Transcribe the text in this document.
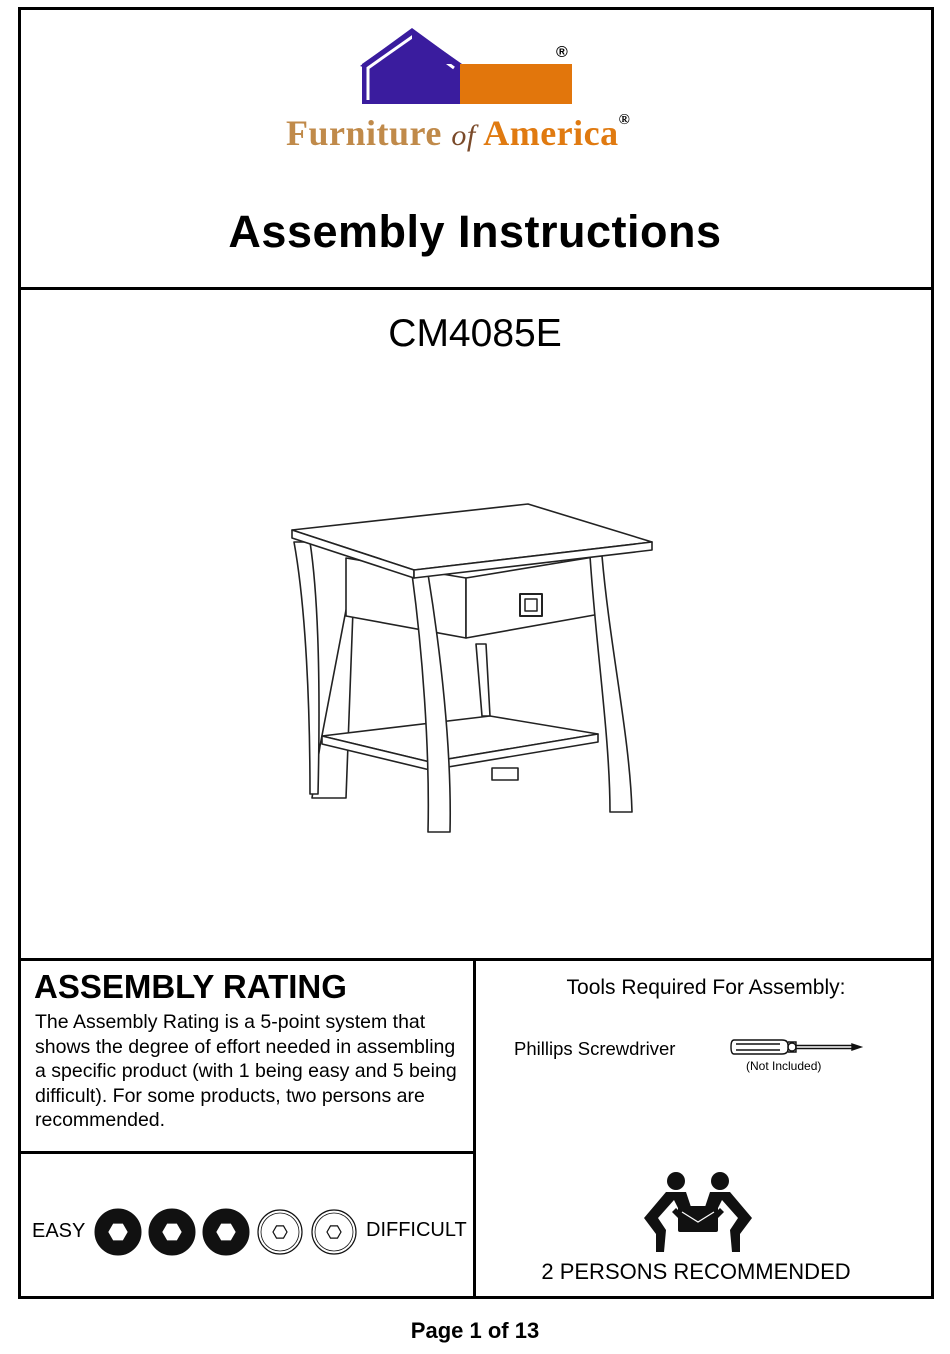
®
Furniture of America®
Assembly Instructions
CM4085E
ASSEMBLY RATING
The Assembly Rating is a 5-point system that shows the degree of effort needed in assembling a specific product (with 1 being easy and 5 being difficult). For some products, two persons are recommended.
EASY	DIFFICULT
Tools Required For Assembly:
Phillips Screwdriver
(Not Included)
2 PERSONS RECOMMENDED
Page 1 of 13
